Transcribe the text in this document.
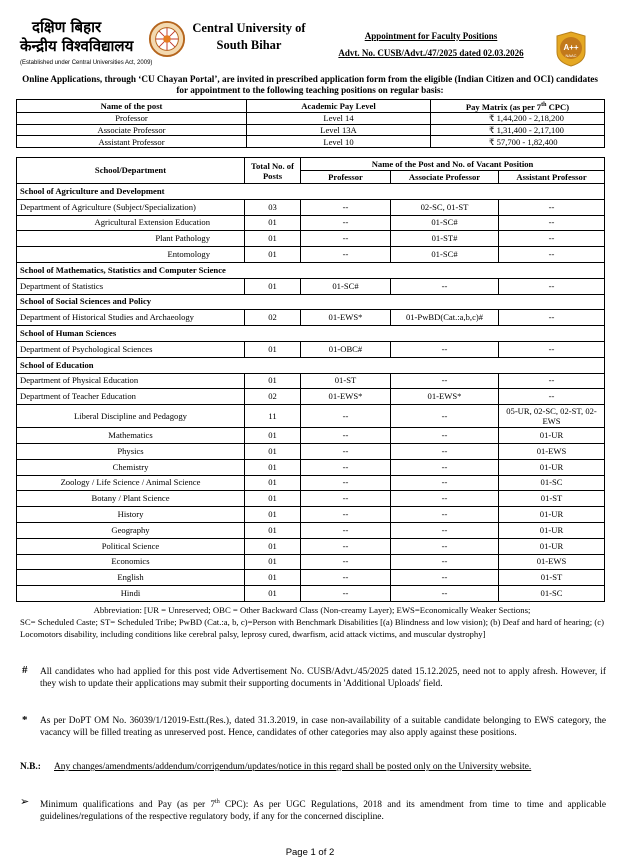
दक्षिण बिहार
केन्द्रीय विश्वविद्यालय
(Established under Central Universities Act, 2009)
Central University of
South Bihar
Appointment for Faculty Positions
Advt. No. CUSB/Advt./47/2025 dated 02.03.2026
A++
NAAC
Online Applications, through ‘CU Chayan Portal’, are invited in prescribed application form from the eligible (Indian Citizen and OCI) candidates for appointment to the following teaching positions on regular basis:
Name of the post	Academic Pay Level	Pay Matrix (as per 7th CPC)
Professor	Level 14	₹ 1,44,200 - 2,18,200
Associate Professor	Level 13A	₹ 1,31,400 - 2,17,100
Assistant Professor	Level 10	₹ 57,700 - 1,82,400
School/Department	Total No. of Posts	Name of the Post and No. of Vacant Position		
		Professor	Associate Professor	Assistant Professor
School of Agriculture and Development				
Department of Agriculture (Subject/Specialization)	03	--	02-SC, 01-ST	--
Agricultural Extension Education	01	--	01-SC#	--
Plant Pathology	01	--	01-ST#	--
Entomology	01	--	01-SC#	--
School of Mathematics, Statistics and Computer Science				
Department of Statistics	01	01-SC#	--	--
School of Social Sciences and Policy				
Department of Historical Studies and Archaeology	02	01-EWS*	01-PwBD(Cat.:a,b,c)#	--
School of Human Sciences				
Department of Psychological Sciences	01	01-OBC#	--	--
School of Education				
Department of Physical Education	01	01-ST	--	--
Department of Teacher Education	02	01-EWS*	01-EWS*	--
Liberal Discipline and Pedagogy	11	--	--	05-UR, 02-SC, 02-ST, 02-EWS
Mathematics	01	--	--	01-UR
Physics	01	--	--	01-EWS
Chemistry	01	--	--	01-UR
Zoology / Life Science / Animal Science	01	--	--	01-SC
Botany / Plant Science	01	--	--	01-ST
History	01	--	--	01-UR
Geography	01	--	--	01-UR
Political Science	01	--	--	01-UR
Economics	01	--	--	01-EWS
English	01	--	--	01-ST
Hindi	01	--	--	01-SC
Abbreviation: [UR = Unreserved; OBC = Other Backward Class (Non-creamy Layer); EWS=Economically Weaker Sections;
SC= Scheduled Caste; ST= Scheduled Tribe; PwBD (Cat.:a, b, c)=Person with Benchmark Disabilities [(a) Blindness and low vision); (b) Deaf and hard of hearing; (c) Locomotors disability, including conditions like cerebral palsy, leprosy cured, dwarfism, acid attack victims, and muscular dystrophy]
# All candidates who had applied for this post vide Advertisement No. CUSB/Advt./45/2025 dated 15.12.2025, need not to apply afresh. However, if they wish to update their applications may submit their supporting documents in 'Additional Uploads' field.
* As per DoPT OM No. 36039/1/12019-Estt.(Res.), dated 31.3.2019, in case non-availability of a suitable candidate belonging to EWS category, the vacancy will be filled treating as unreserved post. Hence, candidates of other categories may also apply against these positions.
N.B.: Any changes/amendments/addendum/corrigendum/updates/notice in this regard shall be posted only on the University website.
➢ Minimum qualifications and Pay (as per 7th CPC): As per UGC Regulations, 2018 and its amendment from time to time and applicable guidelines/regulations of the respective regulatory body, if any for the concerned discipline.
Page 1 of 2
